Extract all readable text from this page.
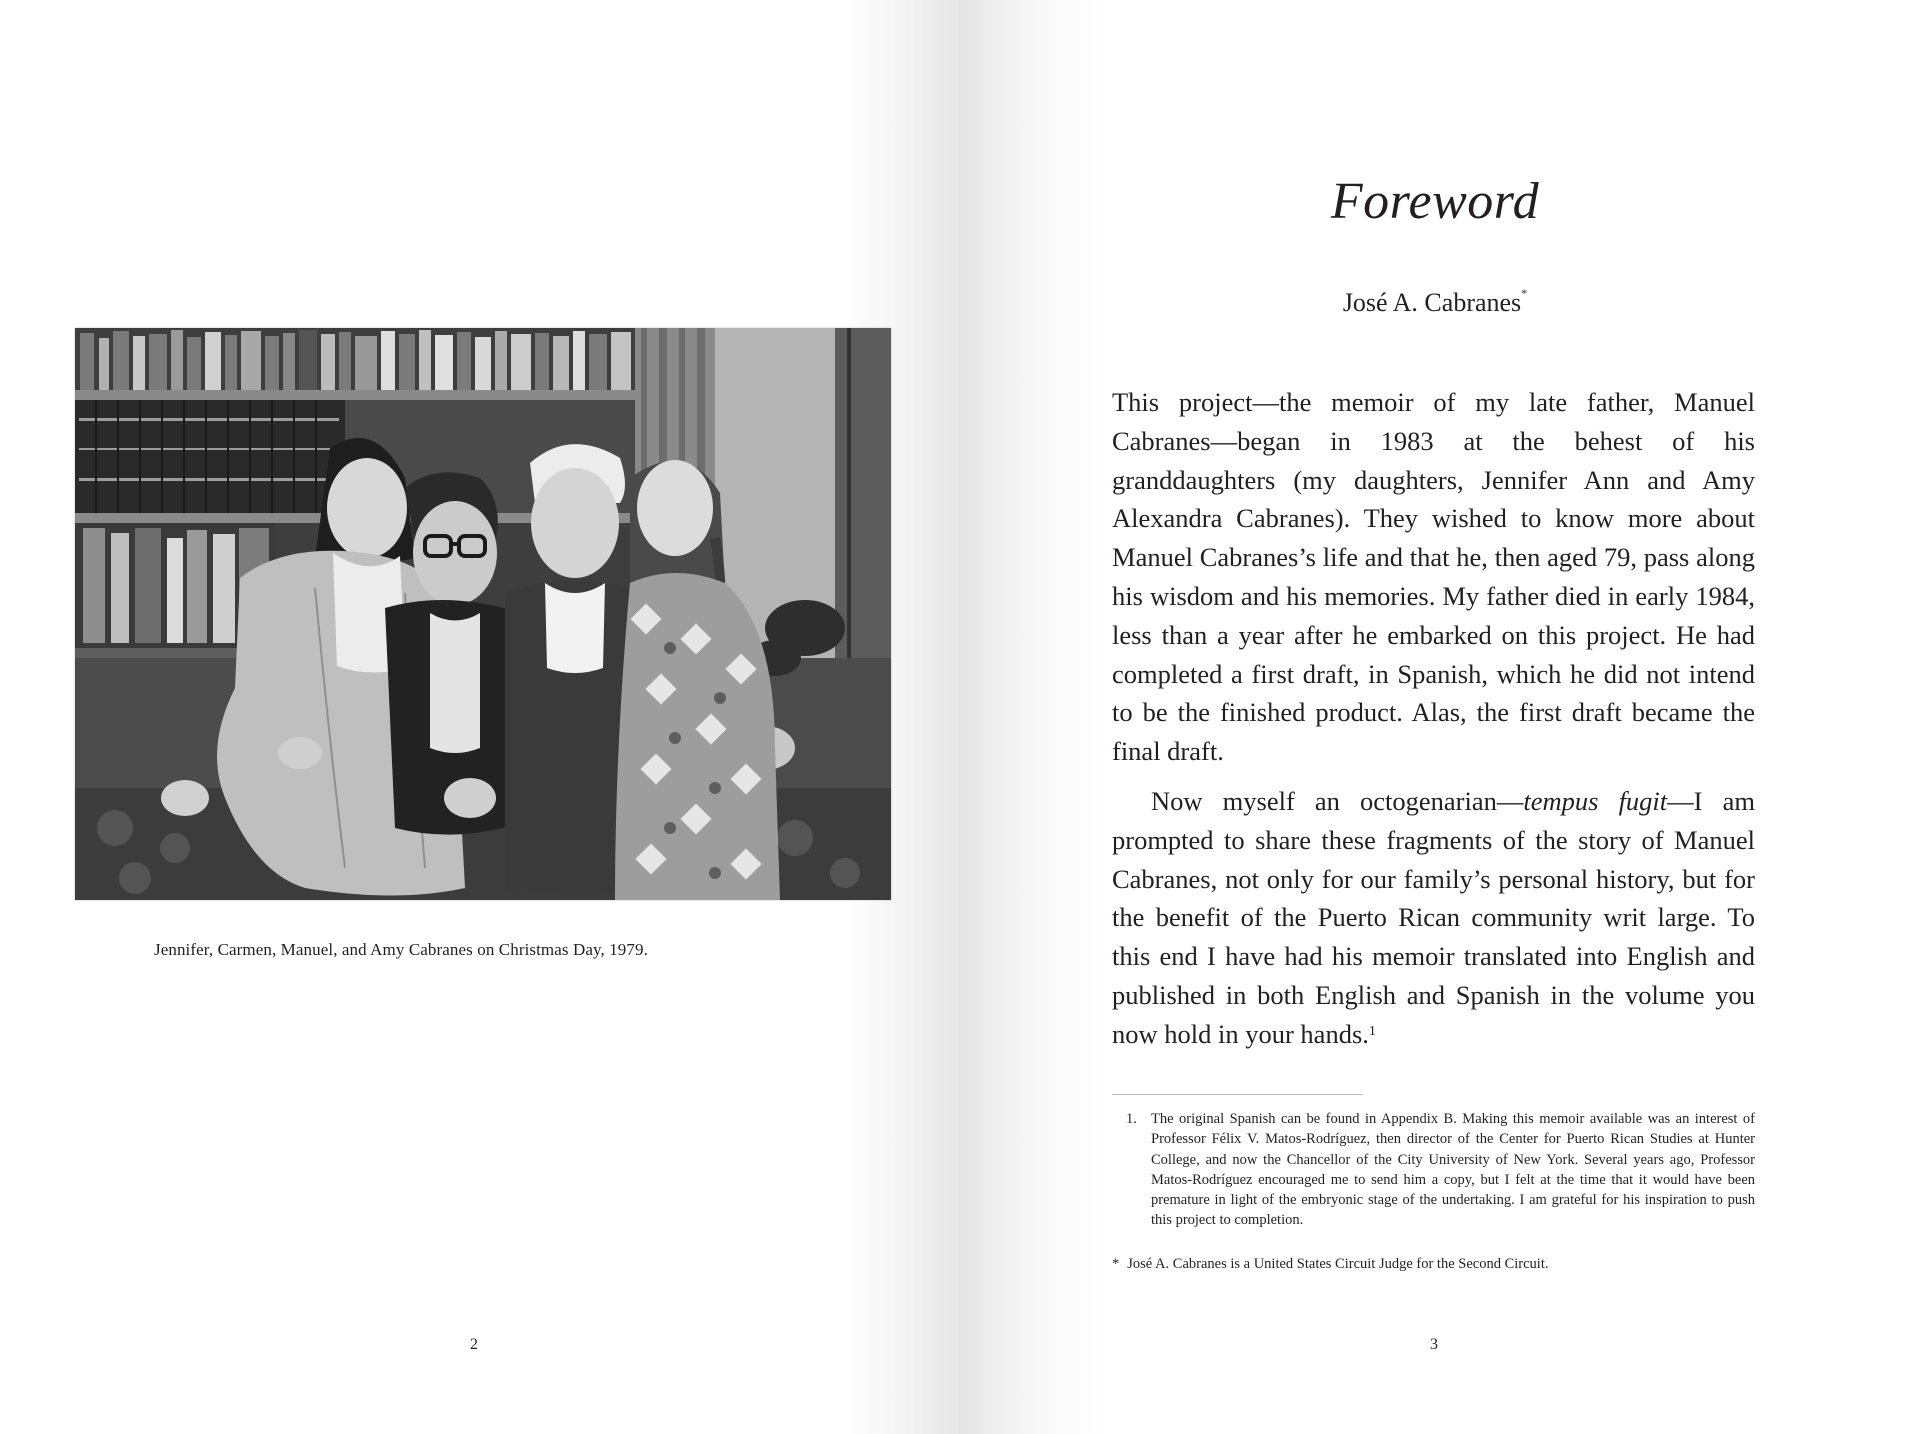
Jennifer, Carmen, Manuel, and Amy Cabranes on Christmas Day, 1979.
2
Foreword
José A. Cabranes*

This project—the memoir of my late father, Manuel Cabranes—began in 1983 at the behest of his granddaughters (my daughters, Jennifer Ann and Amy Alexandra Cabranes). They wished to know more about Manuel Cabranes’s life and that he, then aged 79, pass along his wisdom and his memories. My father died in early 1984, less than a year after he embarked on this project. He had completed a first draft, in Spanish, which he did not intend to be the finished product. Alas, the first draft became the final draft.

Now myself an octogenarian—tempus fugit—I am prompted to share these fragments of the story of Manuel Cabranes, not only for our family’s personal history, but for the benefit of the Puerto Rican community writ large. To this end I have had his memoir translated into English and published in both English and Spanish in the volume you now hold in your hands.$^1$

1. The original Spanish can be found in Appendix B. Making this memoir available was an interest of Professor Félix V. Matos-Rodríguez, then director of the Center for Puerto Rican Studies at Hunter College, and now the Chancellor of the City University of New York. Several years ago, Professor Matos-Rodríguez encouraged me to send him a copy, but I felt at the time that it would have been premature in light of the embryonic stage of the undertaking. I am grateful for his inspiration to push this project to completion.
* José A. Cabranes is a United States Circuit Judge for the Second Circuit.
3
